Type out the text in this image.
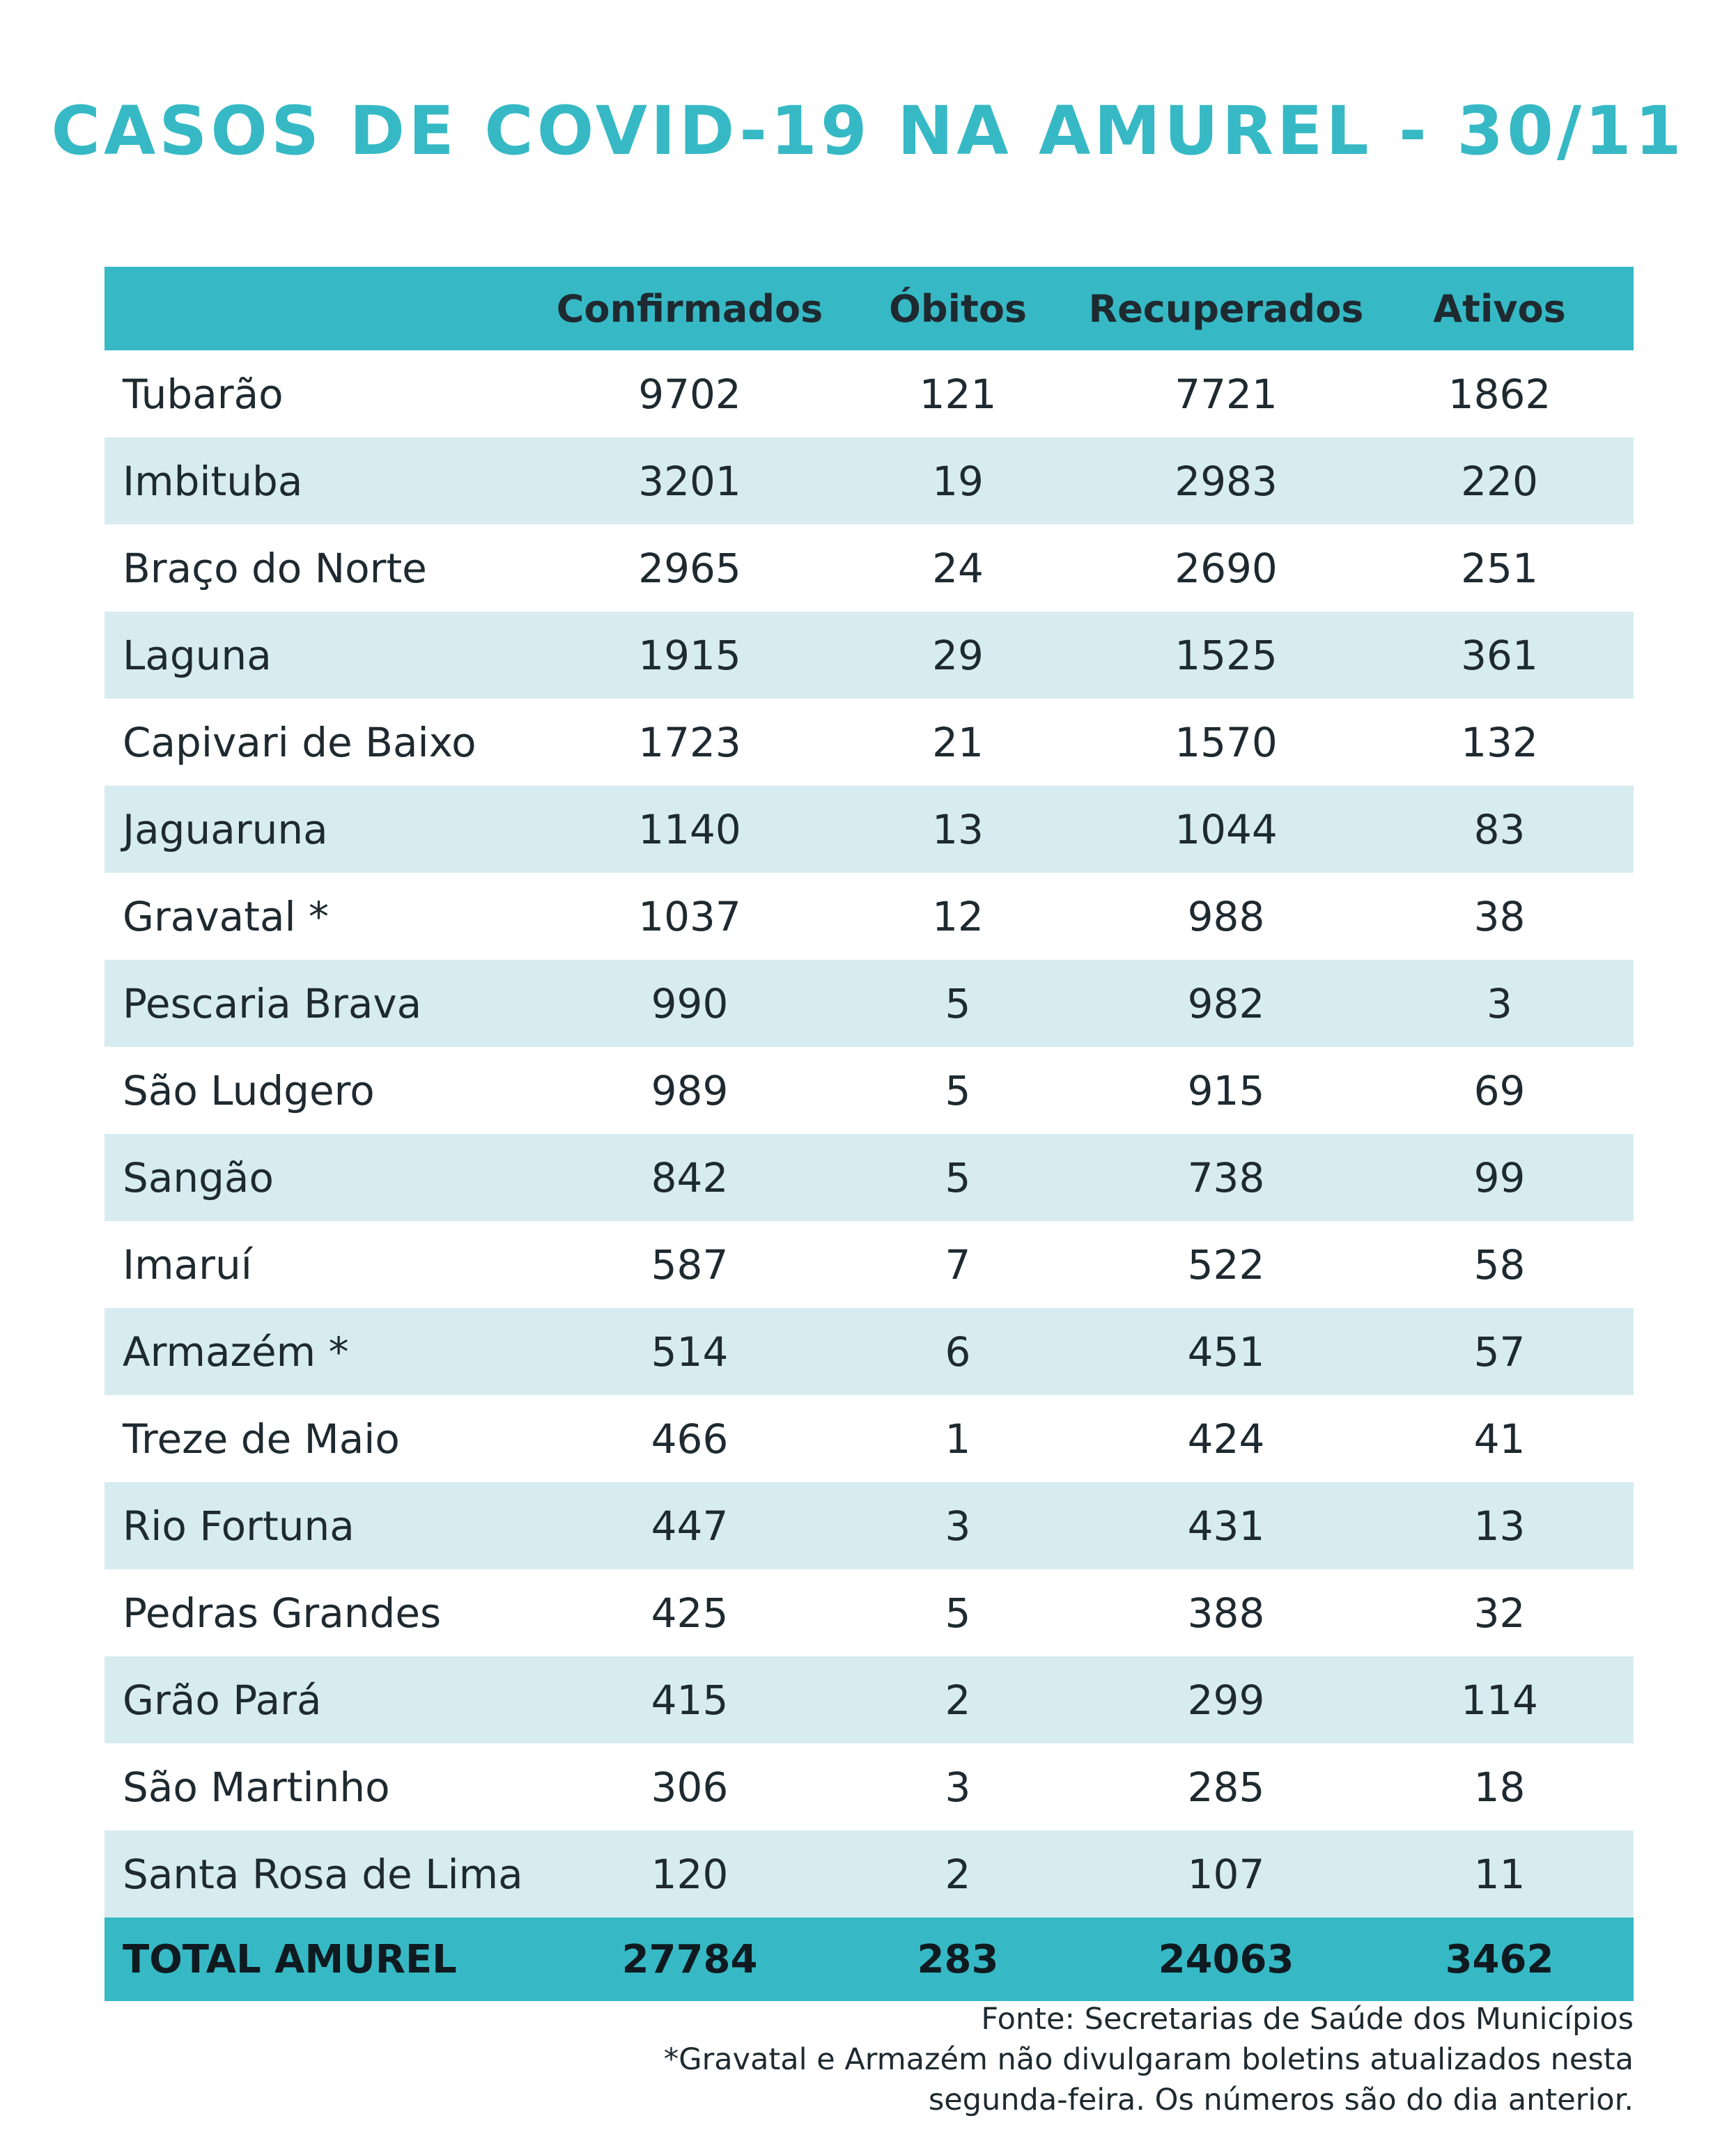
CASOS DE COVID-19 NA AMUREL - 30/11
	Confirmados	Óbitos	Recuperados	Ativos
Tubarão	9702	121	7721	1862
Imbituba	3201	19	2983	220
Braço do Norte	2965	24	2690	251
Laguna	1915	29	1525	361
Capivari de Baixo	1723	21	1570	132
Jaguaruna	1140	13	1044	83
Gravatal *	1037	12	988	38
Pescaria Brava	990	5	982	3
São Ludgero	989	5	915	69
Sangão	842	5	738	99
Imaruí	587	7	522	58
Armazém *	514	6	451	57
Treze de Maio	466	1	424	41
Rio Fortuna	447	3	431	13
Pedras Grandes	425	5	388	32
Grão Pará	415	2	299	114
São Martinho	306	3	285	18
Santa Rosa de Lima	120	2	107	11
TOTAL AMUREL	27784	283	24063	3462
Fonte: Secretarias de Saúde dos Municípios
*Gravatal e Armazém não divulgaram boletins atualizados nesta
segunda-feira. Os números são do dia anterior.
